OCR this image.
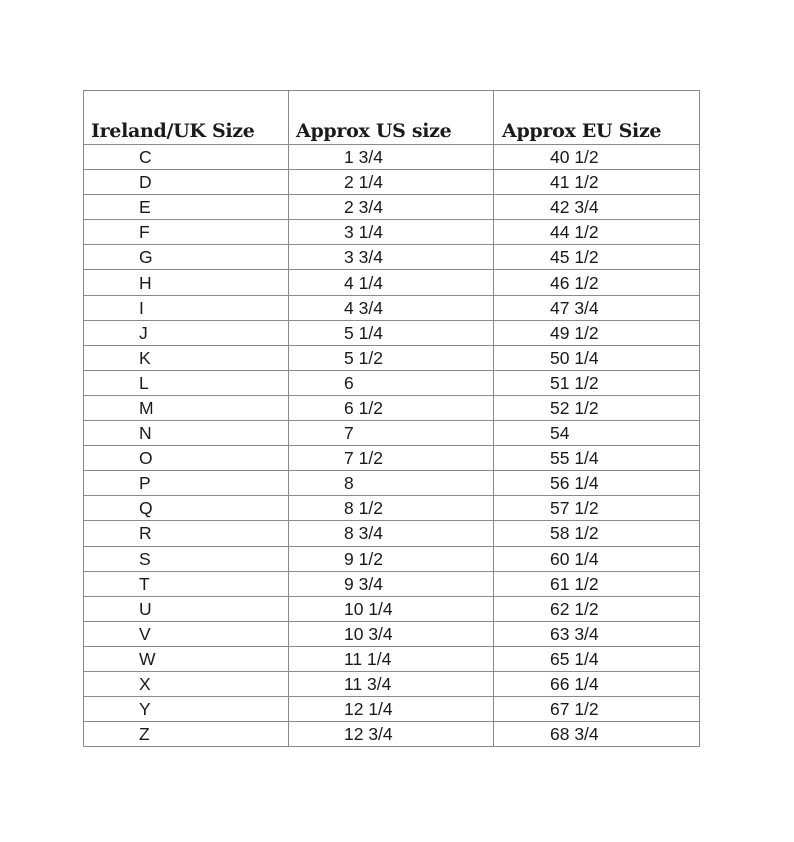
Ireland/UK Size	Approx US size	Approx EU Size
C	1 3/4	40 1/2
D	2 1/4	41 1/2
E	2 3/4	42 3/4
F	3 1/4	44 1/2
G	3 3/4	45 1/2
H	4 1/4	46 1/2
I	4 3/4	47 3/4
J	5 1/4	49 1/2
K	5 1/2	50 1/4
L	6	51 1/2
M	6 1/2	52 1/2
N	7	54
O	7 1/2	55 1/4
P	8	56 1/4
Q	8 1/2	57 1/2
R	8 3/4	58 1/2
S	9 1/2	60 1/4
T	9 3/4	61 1/2
U	10 1/4	62 1/2
V	10 3/4	63 3/4
W	11 1/4	65 1/4
X	11 3/4	66 1/4
Y	12 1/4	67 1/2
Z	12 3/4	68 3/4
